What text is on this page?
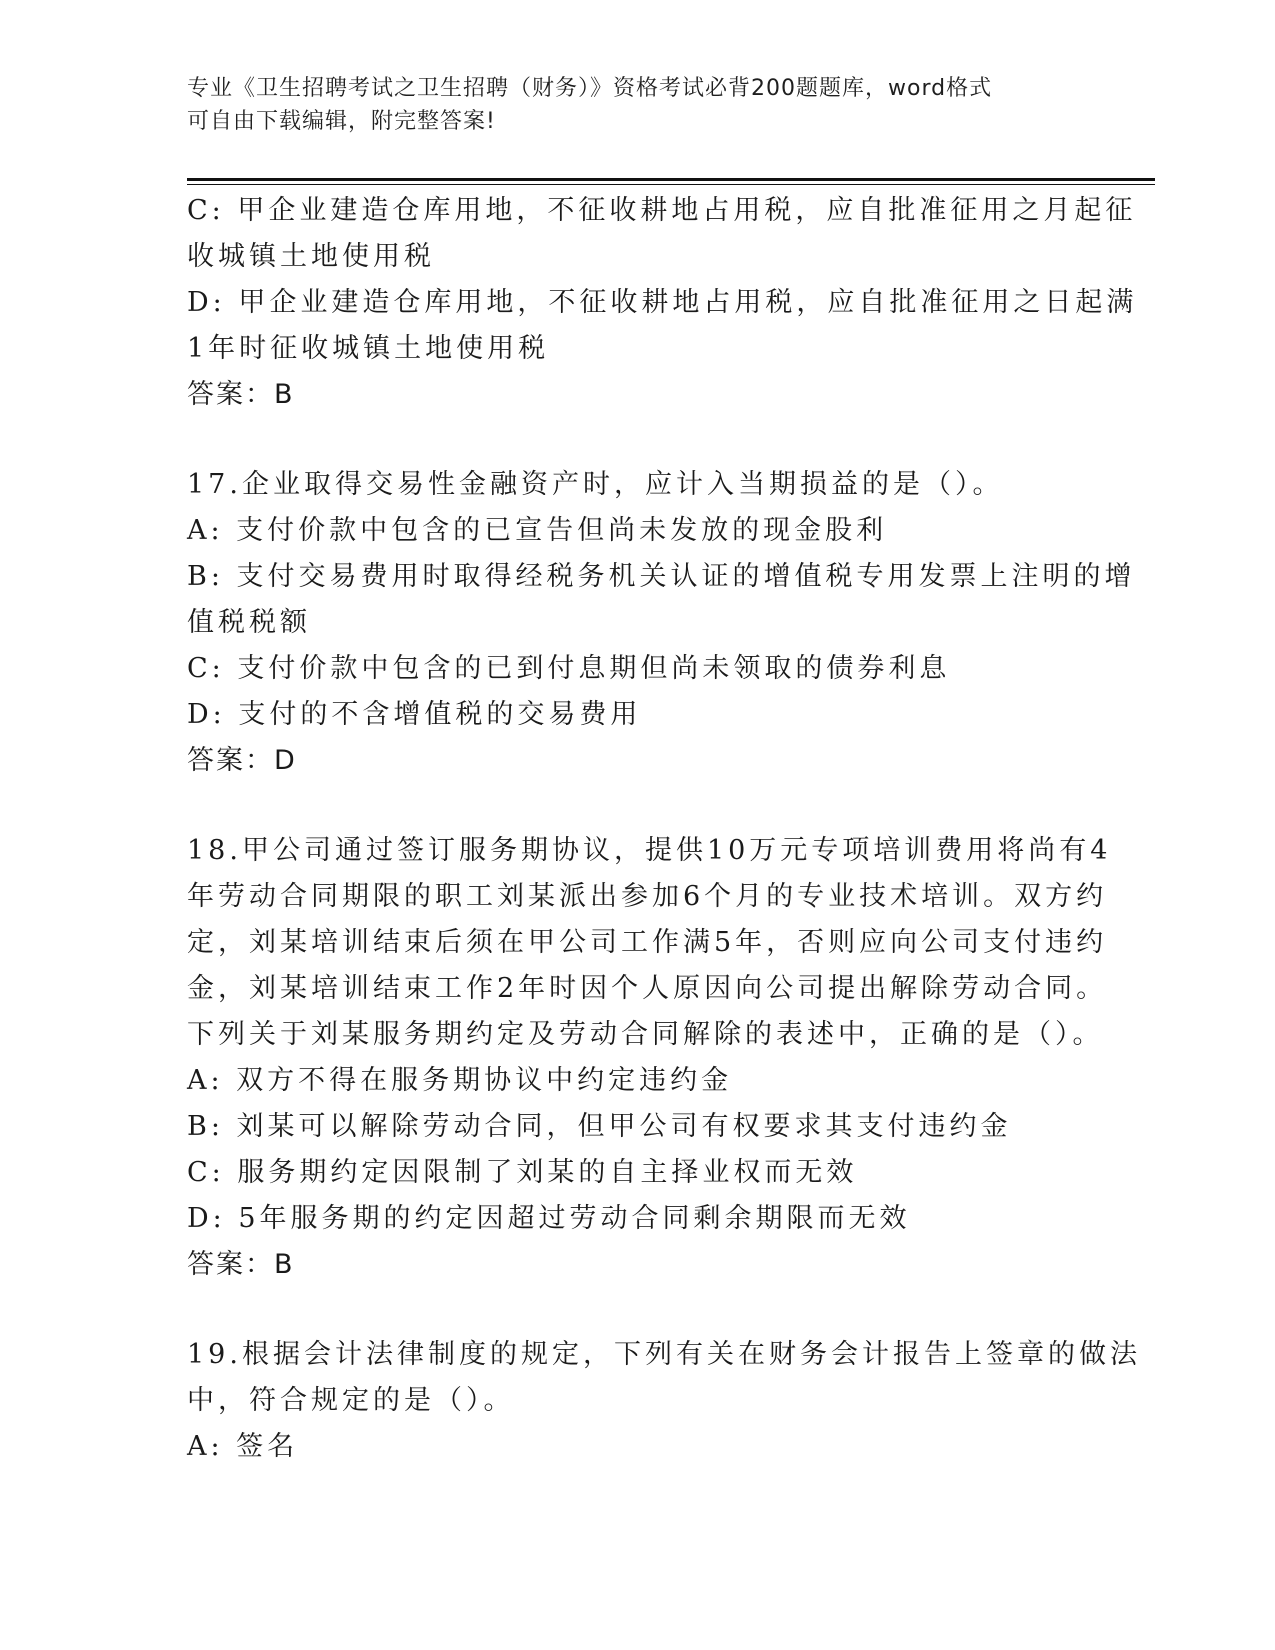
专业《卫生招聘考试之卫生招聘（财务）》资格考试必背200题题库，word格式
可自由下载编辑，附完整答案!
C: 甲企业建造仓库用地，不征收耕地占用税，应自批准征用之月起征
收城镇土地使用税
D: 甲企业建造仓库用地，不征收耕地占用税，应自批准征用之日起满
1年时征收城镇土地使用税
答案：B
17.企业取得交易性金融资产时，应计入当期损益的是（）。
A: 支付价款中包含的已宣告但尚未发放的现金股利
B: 支付交易费用时取得经税务机关认证的增值税专用发票上注明的增
值税税额
C: 支付价款中包含的已到付息期但尚未领取的债券利息
D: 支付的不含增值税的交易费用
答案：D
18.甲公司通过签订服务期协议，提供10万元专项培训费用将尚有4
年劳动合同期限的职工刘某派出参加6个月的专业技术培训。双方约
定，刘某培训结束后须在甲公司工作满5年，否则应向公司支付违约
金，刘某培训结束工作2年时因个人原因向公司提出解除劳动合同。
下列关于刘某服务期约定及劳动合同解除的表述中，正确的是（）。
A: 双方不得在服务期协议中约定违约金
B: 刘某可以解除劳动合同，但甲公司有权要求其支付违约金
C: 服务期约定因限制了刘某的自主择业权而无效
D: 5年服务期的约定因超过劳动合同剩余期限而无效
答案：B
19.根据会计法律制度的规定，下列有关在财务会计报告上签章的做法
中，符合规定的是（）。
A: 签名
